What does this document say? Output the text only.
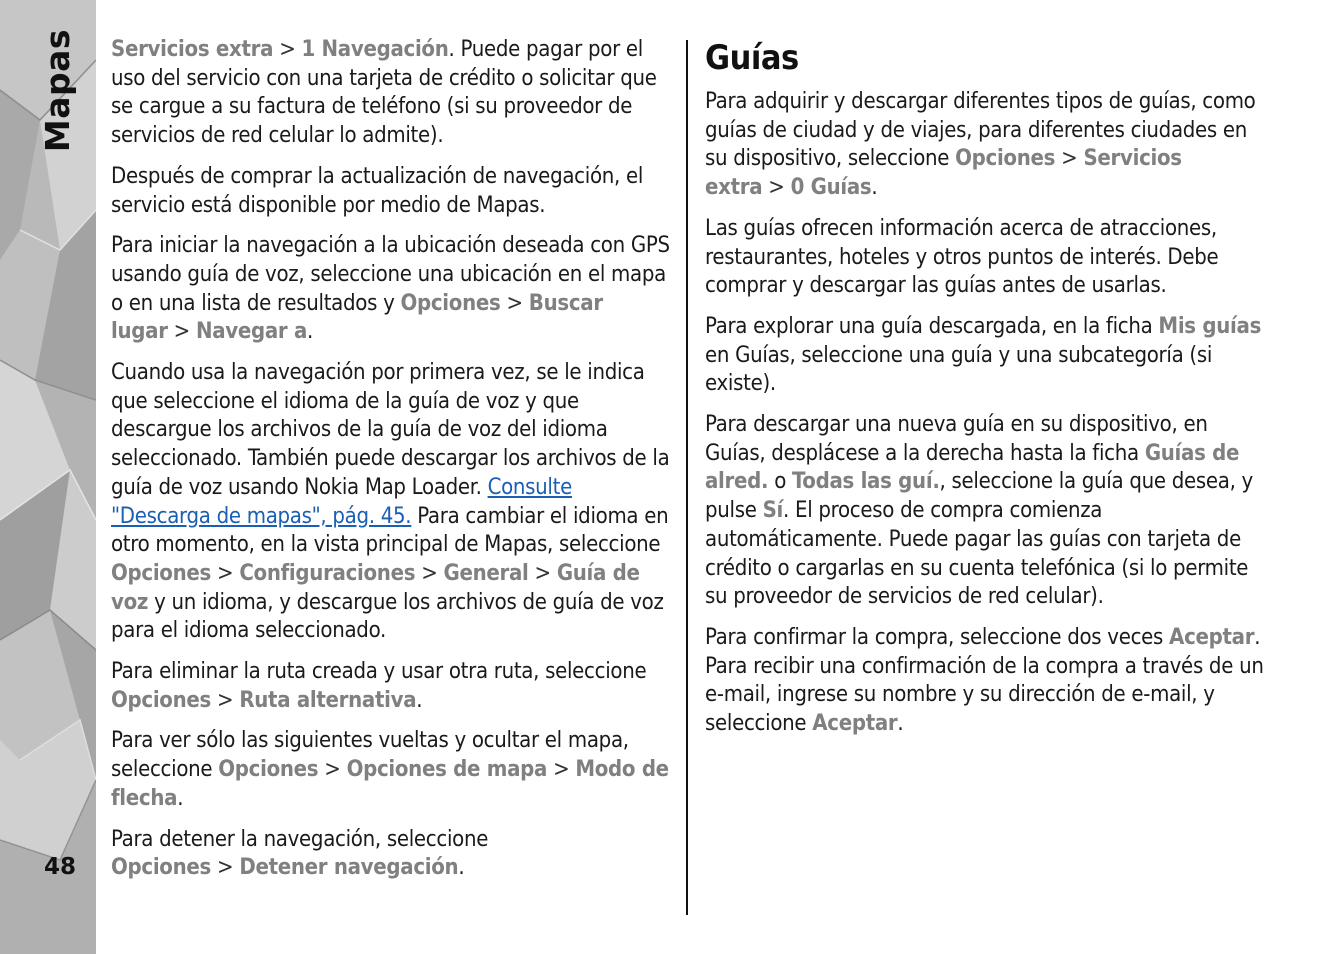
Mapas
48

Servicios extra > 1 Navegación. Puede pagar por el uso del servicio con una tarjeta de crédito o solicitar que se cargue a su factura de teléfono (si su proveedor de servicios de red celular lo admite).

Después de comprar la actualización de navegación, el servicio está disponible por medio de Mapas.

Para iniciar la navegación a la ubicación deseada con GPS usando guía de voz, seleccione una ubicación en el mapa o en una lista de resultados y Opciones > Buscar lugar > Navegar a.

Cuando usa la navegación por primera vez, se le indica que seleccione el idioma de la guía de voz y que descargue los archivos de la guía de voz del idioma seleccionado. También puede descargar los archivos de la guía de voz usando Nokia Map Loader. Consulte "Descarga de mapas", pág. 45. Para cambiar el idioma en otro momento, en la vista principal de Mapas, seleccione Opciones > Configuraciones > General > Guía de voz y un idioma, y descargue los archivos de guía de voz para el idioma seleccionado.

Para eliminar la ruta creada y usar otra ruta, seleccione Opciones > Ruta alternativa.

Para ver sólo las siguientes vueltas y ocultar el mapa, seleccione Opciones > Opciones de mapa > Modo de flecha.

Para detener la navegación, seleccione Opciones > Detener navegación.

Guías

Para adquirir y descargar diferentes tipos de guías, como guías de ciudad y de viajes, para diferentes ciudades en su dispositivo, seleccione Opciones > Servicios extra > 0 Guías.

Las guías ofrecen información acerca de atracciones, restaurantes, hoteles y otros puntos de interés. Debe comprar y descargar las guías antes de usarlas.

Para explorar una guía descargada, en la ficha Mis guías en Guías, seleccione una guía y una subcategoría (si existe).

Para descargar una nueva guía en su dispositivo, en Guías, desplácese a la derecha hasta la ficha Guías de alred. o Todas las guí., seleccione la guía que desea, y pulse Sí. El proceso de compra comienza automáticamente. Puede pagar las guías con tarjeta de crédito o cargarlas en su cuenta telefónica (si lo permite su proveedor de servicios de red celular).

Para confirmar la compra, seleccione dos veces Aceptar. Para recibir una confirmación de la compra a través de un e-mail, ingrese su nombre y su dirección de e-mail, y seleccione Aceptar.
